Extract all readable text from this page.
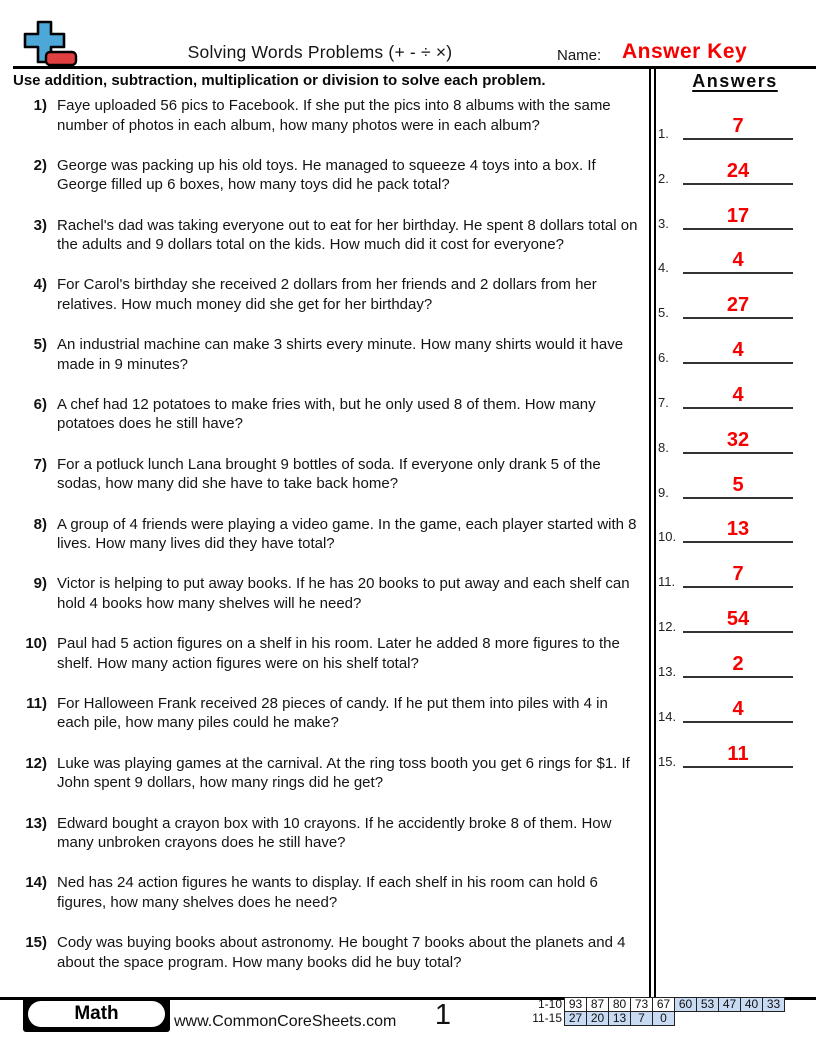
Solving Words Problems (+ - ÷ ×)	Name: Answer Key
Use addition, subtraction, multiplication or division to solve each problem.
1) Faye uploaded 56 pics to Facebook. If she put the pics into 8 albums with the same number of photos in each album, how many photos were in each album?
2) George was packing up his old toys. He managed to squeeze 4 toys into a box. If George filled up 6 boxes, how many toys did he pack total?
3) Rachel's dad was taking everyone out to eat for her birthday. He spent 8 dollars total on the adults and 9 dollars total on the kids. How much did it cost for everyone?
4) For Carol's birthday she received 2 dollars from her friends and 2 dollars from her relatives. How much money did she get for her birthday?
5) An industrial machine can make 3 shirts every minute. How many shirts would it have made in 9 minutes?
6) A chef had 12 potatoes to make fries with, but he only used 8 of them. How many potatoes does he still have?
7) For a potluck lunch Lana brought 9 bottles of soda. If everyone only drank 5 of the sodas, how many did she have to take back home?
8) A group of 4 friends were playing a video game. In the game, each player started with 8 lives. How many lives did they have total?
9) Victor is helping to put away books. If he has 20 books to put away and each shelf can hold 4 books how many shelves will he need?
10) Paul had 5 action figures on a shelf in his room. Later he added 8 more figures to the shelf. How many action figures were on his shelf total?
11) For Halloween Frank received 28 pieces of candy. If he put them into piles with 4 in each pile, how many piles could he make?
12) Luke was playing games at the carnival. At the ring toss booth you get 6 rings for $1. If John spent 9 dollars, how many rings did he get?
13) Edward bought a crayon box with 10 crayons. If he accidently broke 8 of them. How many unbroken crayons does he still have?
14) Ned has 24 action figures he wants to display. If each shelf in his room can hold 6 figures, how many shelves does he need?
15) Cody was buying books about astronomy. He bought 7 books about the planets and 4 about the space program. How many books did he buy total?
Answers
1.	7
2.	24
3.	17
4.	4
5.	27
6.	4
7.	4
8.	32
9.	5
10.	13
11.	7
12.	54
13.	2
14.	4
15.	11
Math	www.CommonCoreSheets.com	1	1-10 93 87 80 73 67 60 53 47 40 33
11-15 27 20 13 7	0
